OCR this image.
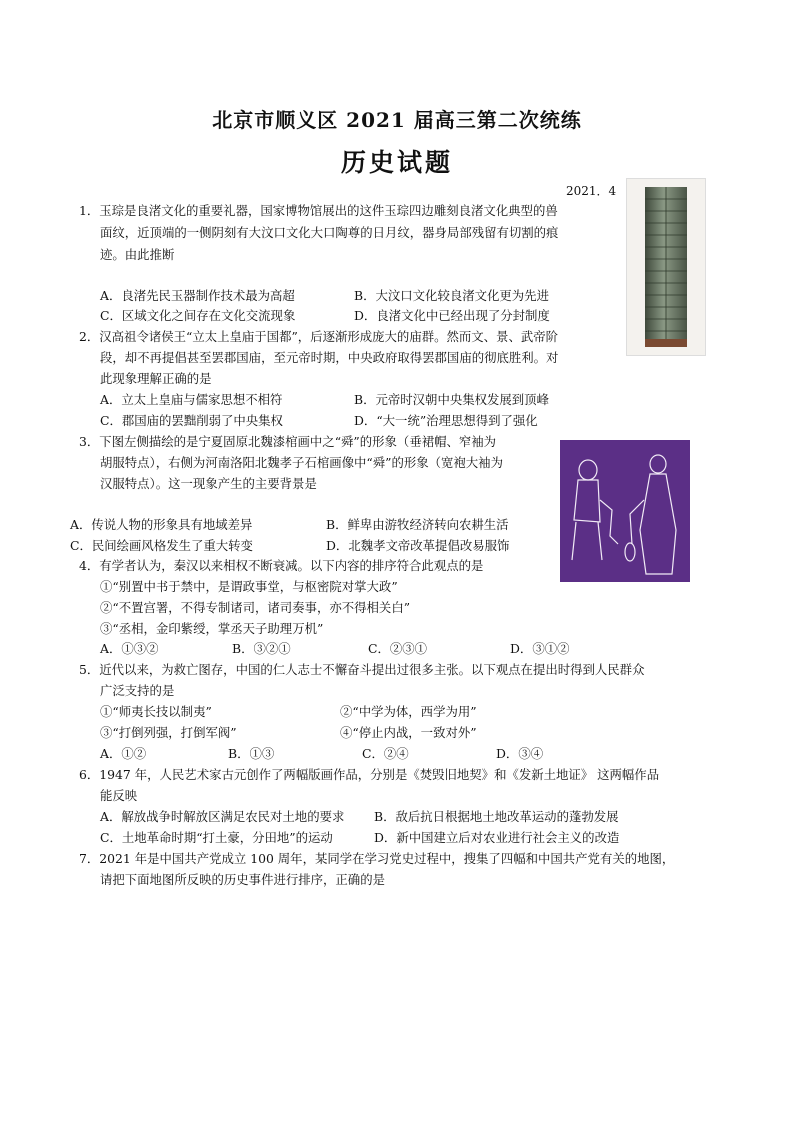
北京市顺义区 2021 届高三第二次统练
历史试题
2021．4
1．玉琮是良渚文化的重要礼器，国家博物馆展出的这件玉琮四边雕刻良渚文化典型的兽
面纹，近顶端的一侧阴刻有大汶口文化大口陶尊的日月纹，器身局部残留有切割的痕
迹。由此推断
A．良渚先民玉器制作技术最为高超	B．大汶口文化较良渚文化更为先进
C．区域文化之间存在文化交流现象	D．良渚文化中已经出现了分封制度
2．汉高祖令诸侯王“立太上皇庙于国都”，后逐渐形成庞大的庙群。然而文、景、武帝阶
段，却不再提倡甚至罢郡国庙，至元帝时期，中央政府取得罢郡国庙的彻底胜利。对
此现象理解正确的是
A．立太上皇庙与儒家思想不相符	B．元帝时汉朝中央集权发展到顶峰
C．郡国庙的罢黜削弱了中央集权	D．“大一统”治理思想得到了强化
3．下图左侧描绘的是宁夏固原北魏漆棺画中之“舜”的形象（垂裙帽、窄袖为
胡服特点），右侧为河南洛阳北魏孝子石棺画像中“舜”的形象（宽袍大袖为
汉服特点）。这一现象产生的主要背景是
A．传说人物的形象具有地域差异	B．鲜卑由游牧经济转向农耕生活
C．民间绘画风格发生了重大转变	D．北魏孝文帝改革提倡改易服饰
4．有学者认为，秦汉以来相权不断衰减。以下内容的排序符合此观点的是
①“别置中书于禁中，是谓政事堂，与枢密院对掌大政”
②“不置宫署，不得专制诸司，诸司奏事，亦不得相关白”
③“丞相，金印紫绶，掌丞天子助理万机”
A．①③②	B．③②①	C．②③①	D．③①②
5．近代以来，为救亡图存，中国的仁人志士不懈奋斗提出过很多主张。以下观点在提出时得到人民群众
广泛支持的是
①“师夷长技以制夷”	②“中学为体，西学为用”
③“打倒列强，打倒军阀”	④“停止内战，一致对外”
A．①②	B．①③	C．②④	D．③④
6．1947 年，人民艺术家古元创作了两幅版画作品，分别是《焚毁旧地契》和《发新土地证》 这两幅作品
能反映
A．解放战争时解放区满足农民对土地的要求 B．敌后抗日根据地土地改革运动的蓬勃发展
C．土地革命时期“打土豪，分田地”的运动	D．新中国建立后对农业进行社会主义的改造
7．2021 年是中国共产党成立 100 周年，某同学在学习党史过程中，搜集了四幅和中国共产党有关的地图，
请把下面地图所反映的历史事件进行排序，正确的是
